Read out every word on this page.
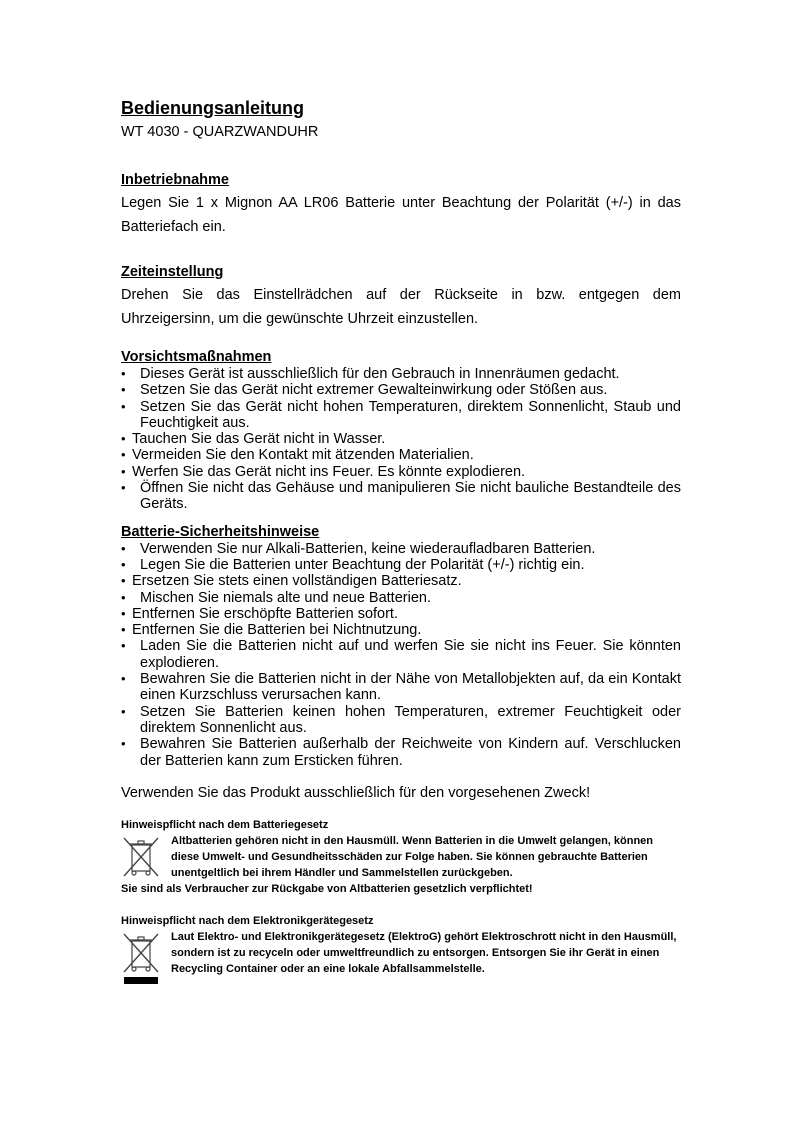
Bedienungsanleitung

WT 4030 - QUARZWANDUHR

Inbetriebnahme

Legen Sie 1 x Mignon AA LR06 Batterie unter Beachtung der Polarität (+/-) in das Batteriefach ein.

Zeiteinstellung

Drehen Sie das Einstellrädchen auf der Rückseite in bzw. entgegen dem Uhrzeigersinn, um die gewünschte Uhrzeit einzustellen.

Vorsichtsmaßnahmen

• Dieses Gerät ist ausschließlich für den Gebrauch in Innenräumen gedacht.
• Setzen Sie das Gerät nicht extremer Gewalteinwirkung oder Stößen aus.
• Setzen Sie das Gerät nicht hohen Temperaturen, direktem Sonnenlicht, Staub und Feuchtigkeit aus.
• Tauchen Sie das Gerät nicht in Wasser.
• Vermeiden Sie den Kontakt mit ätzenden Materialien.
• Werfen Sie das Gerät nicht ins Feuer. Es könnte explodieren.
• Öffnen Sie nicht das Gehäuse und manipulieren Sie nicht bauliche Bestandteile des Geräts.

Batterie-Sicherheitshinweise

• Verwenden Sie nur Alkali-Batterien, keine wiederaufladbaren Batterien.
• Legen Sie die Batterien unter Beachtung der Polarität (+/-) richtig ein.
• Ersetzen Sie stets einen vollständigen Batteriesatz.
• Mischen Sie niemals alte und neue Batterien.
• Entfernen Sie erschöpfte Batterien sofort.
• Entfernen Sie die Batterien bei Nichtnutzung.
• Laden Sie die Batterien nicht auf und werfen Sie sie nicht ins Feuer. Sie könnten explodieren.
• Bewahren Sie die Batterien nicht in der Nähe von Metallobjekten auf, da ein Kontakt einen Kurzschluss verursachen kann.
• Setzen Sie Batterien keinen hohen Temperaturen, extremer Feuchtigkeit oder direktem Sonnenlicht aus.
• Bewahren Sie Batterien außerhalb der Reichweite von Kindern auf. Verschlucken der Batterien kann zum Ersticken führen.

Verwenden Sie das Produkt ausschließlich für den vorgesehenen Zweck!

Hinweispflicht nach dem Batteriegesetz

Altbatterien gehören nicht in den Hausmüll. Wenn Batterien in die Umwelt gelangen, können diese Umwelt- und Gesundheitsschäden zur Folge haben. Sie können gebrauchte Batterien unentgeltlich bei ihrem Händler und Sammelstellen zurückgeben.

Sie sind als Verbraucher zur Rückgabe von Altbatterien gesetzlich verpflichtet!

Hinweispflicht nach dem Elektronikgerätegesetz

Laut Elektro- und Elektronikgerätegesetz (ElektroG) gehört Elektroschrott nicht in den Hausmüll, sondern ist zu recyceln oder umweltfreundlich zu entsorgen. Entsorgen Sie ihr Gerät in einen Recycling Container oder an eine lokale Abfallsammelstelle.
